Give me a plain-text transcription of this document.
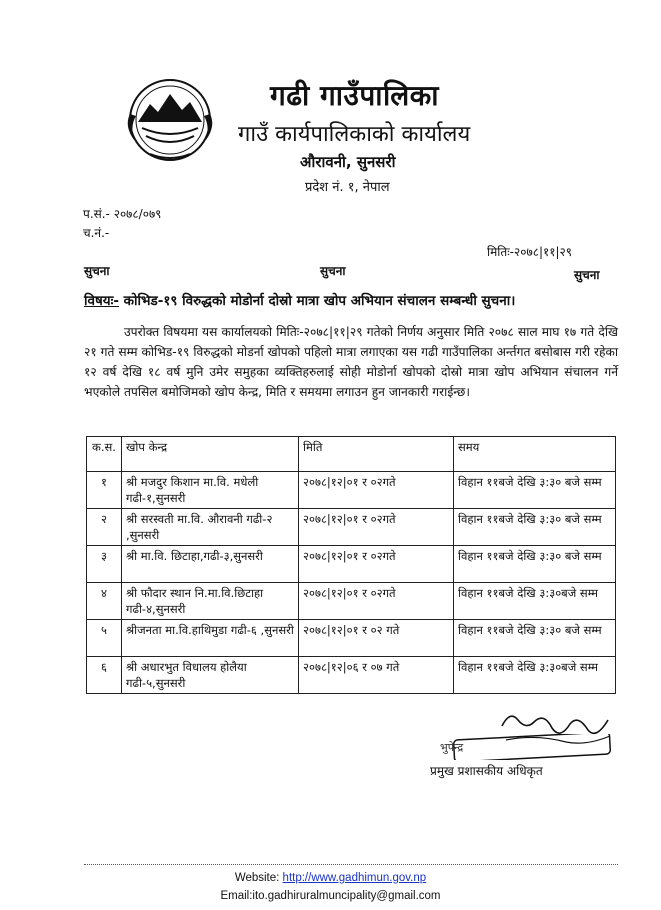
गढी गाउँपालिका
गाउँ कार्यपालिकाको कार्यालय
औरावनी, सुनसरी
प्रदेश नं. १, नेपाल
प.सं.- २०७८/०७९
च.नं.-
मितिः-२०७८|११|२९
सुचना	सुचना	सुचना
विषयः- कोभिड-१९ विरुद्धको मोडोर्ना दोस्रो मात्रा खोप अभियान संचालन सम्बन्धी सुचना।
उपरोक्त विषयमा यस कार्यालयको मितिः-२०७८|११|२९ गतेको निर्णय अनुसार मिति २०७८ साल माघ १७ गते देखि २१ गते सम्म कोभिड-१९ विरुद्धको मोडर्ना खोपको पहिलो मात्रा लगाएका यस गढी गाउँपालिका अर्न्तगत बसोबास गरी रहेका १२ वर्ष देखि १८ वर्ष मुनि उमेर समुहका व्यक्तिहरुलाई सोही मोडोर्ना खोपको दोस्रो मात्रा खोप अभियान संचालन गर्ने भएकोले तपसिल बमोजिमको खोप केन्द्र, मिति र समयमा लगाउन हुन जानकारी गराईन्छ।
क.स.	खोप केन्द्र	मिति	समय
१	श्री मजदुर किशान मा.वि. मधेली गढी-१,सुनसरी	२०७८|१२|०१ र ०२गते	विहान ११बजे देखि ३:३० बजे सम्म
२	श्री सरस्वती मा.वि. औरावनी गढी-२ ,सुनसरी	२०७८|१२|०१ र ०२गते	विहान ११बजे देखि ३:३० बजे सम्म
३	श्री मा.वि. छिटाहा,गढी-३,सुनसरी	२०७८|१२|०१ र ०२गते	विहान ११बजे देखि ३:३० बजे सम्म
४	श्री फौदार स्थान नि.मा.वि.छिटाहा गढी-४,सुनसरी	२०७८|१२|०१ र ०२गते	विहान ११बजे देखि ३:३०बजे सम्म
५	श्रीजनता मा.वि.हाथिमुडा गढी-६ ,सुनसरी	२०७८|१२|०१ र ०२ गते	विहान ११बजे देखि ३:३० बजे सम्म
६	श्री अधारभुत विधालय होलैया गढी-५,सुनसरी	२०७८|१२|०६ र ०७ गते	विहान ११बजे देखि ३:३०बजे सम्म
भुपेन्द्र
प्रमुख प्रशासकीय अधिकृत
Website: http://www.gadhimun.gov.np
Email:ito.gadhiruralmuncipality@gmail.com
